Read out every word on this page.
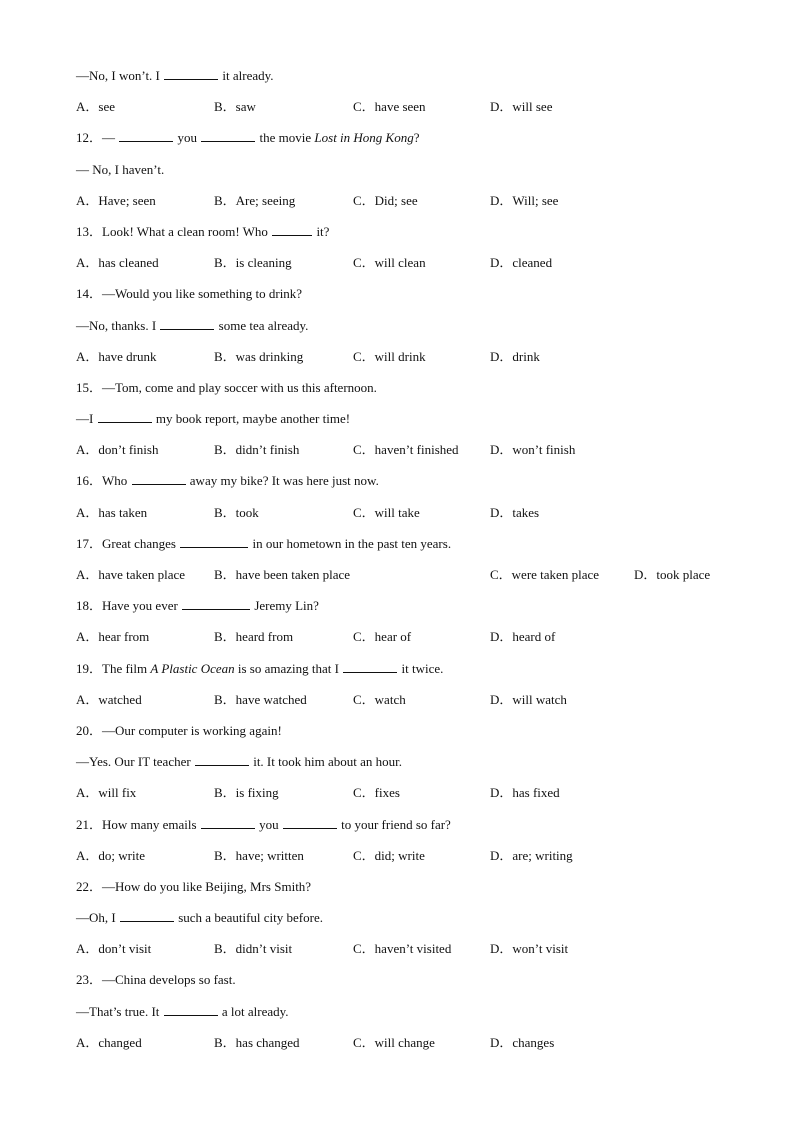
—No, I won’t. I	it already.
A．see	B．saw	C．have seen	D．will see
12．—	you	the movie Lost in Hong Kong?
— No, I haven’t.
A．Have; seen	B．Are; seeing	C．Did; see	D．Will; see
13．Look! What a clean room! Who	it?
A．has cleaned	B．is cleaning	C．will clean	D．cleaned
14．—Would you like something to drink?
—No, thanks. I	some tea already.
A．have drunk	B．was drinking	C．will drink	D．drink
15．—Tom, come and play soccer with us this afternoon.
—I	my book report, maybe another time!
A．don’t finish	B．didn’t finish	C．haven’t finished D．won’t finish
16．Who	away my bike? It was here just now.
A．has taken	B．took	C．will take	D．takes
17．Great changes	in our hometown in the past ten years.
A．have taken place B．have been taken place	C．were taken place	D．took place
18．Have you ever	Jeremy Lin?
A．hear from	B．heard from	C．hear of	D．heard of
19．The film A Plastic Ocean is so amazing that I	it twice.
A．watched	B．have watched	C．watch	D．will watch
20．—Our computer is working again!
—Yes. Our IT teacher	it. It took him about an hour.
A．will fix	B．is fixing	C．fixes	D．has fixed
21．How many emails	you	to your friend so far?
A．do; write	B．have; written	C．did; write	D．are; writing
22．—How do you like Beijing, Mrs Smith?
—Oh, I	such a beautiful city before.
A．don’t visit	B．didn’t visit	C．haven’t visited	D．won’t visit
23．—China develops so fast.
—That’s true. It	a lot already.
A．changed	B．has changed	C．will change	D．changes
